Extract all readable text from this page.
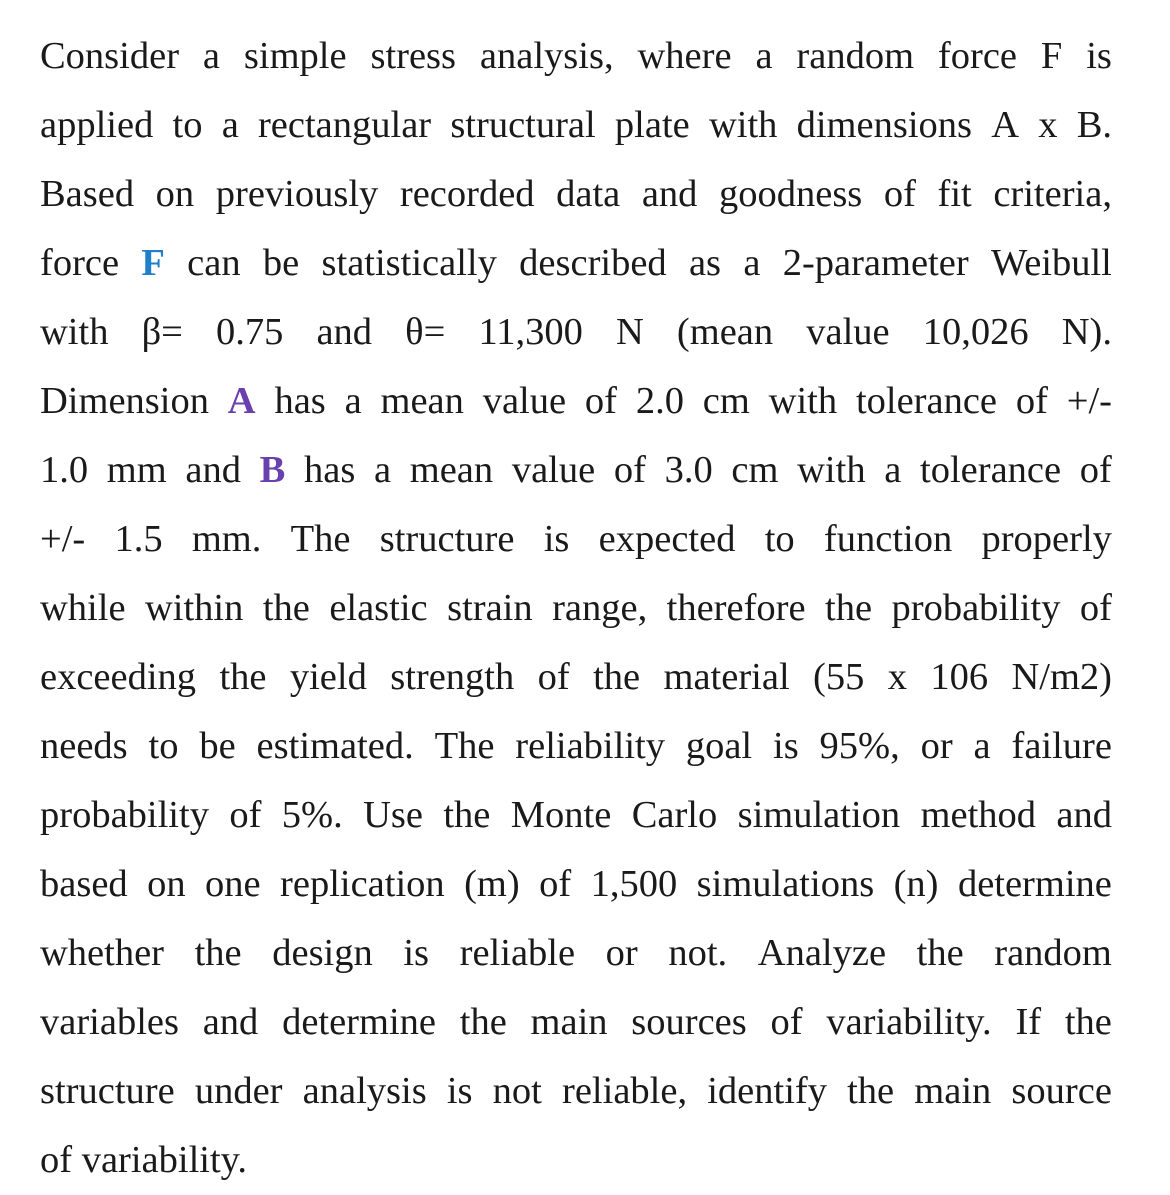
Consider a simple stress analysis, where a random force F is
applied to a rectangular structural plate with dimensions A x B.
Based on previously recorded data and goodness of fit criteria,
force F can be statistically described as a 2-parameter Weibull
with β= 0.75 and θ= 11,300 N (mean value 10,026 N).
Dimension A has a mean value of 2.0 cm with tolerance of +/-
1.0 mm and B has a mean value of 3.0 cm with a tolerance of
+/- 1.5 mm. The structure is expected to function properly
while within the elastic strain range, therefore the probability of
exceeding the yield strength of the material (55 x 106 N/m2)
needs to be estimated. The reliability goal is 95%, or a failure
probability of 5%. Use the Monte Carlo simulation method and
based on one replication (m) of 1,500 simulations (n) determine
whether the design is reliable or not. Analyze the random
variables and determine the main sources of variability. If the
structure under analysis is not reliable, identify the main source
of variability.
